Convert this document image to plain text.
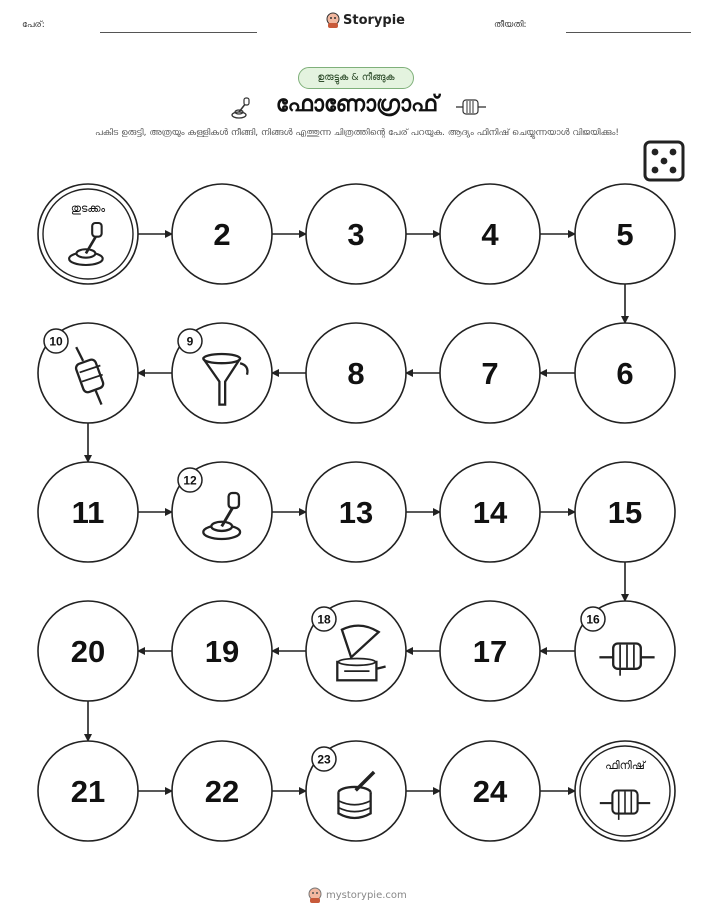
പേര്:	Storypie	തീയതി:
ഉരുട്ടുക & നീങ്ങുക
ഫോണോഗ്രാഫ്
പകിട ഉരുട്ടി, അത്രയും കള്ളികൾ നീങ്ങി, നിങ്ങൾ എത്തുന്ന ചിത്രത്തിന്റെ പേര് പറയുക. ആദ്യം ഫിനിഷ് ചെയ്യുന്നയാൾ വിജയിക്കും!
തുടക്കം
2	3	4	5
10	9
8	7	6
11
12
13	14	15
20	19
18
17
16
21	22
23
24
ഫിനിഷ്
mystorypie.com
